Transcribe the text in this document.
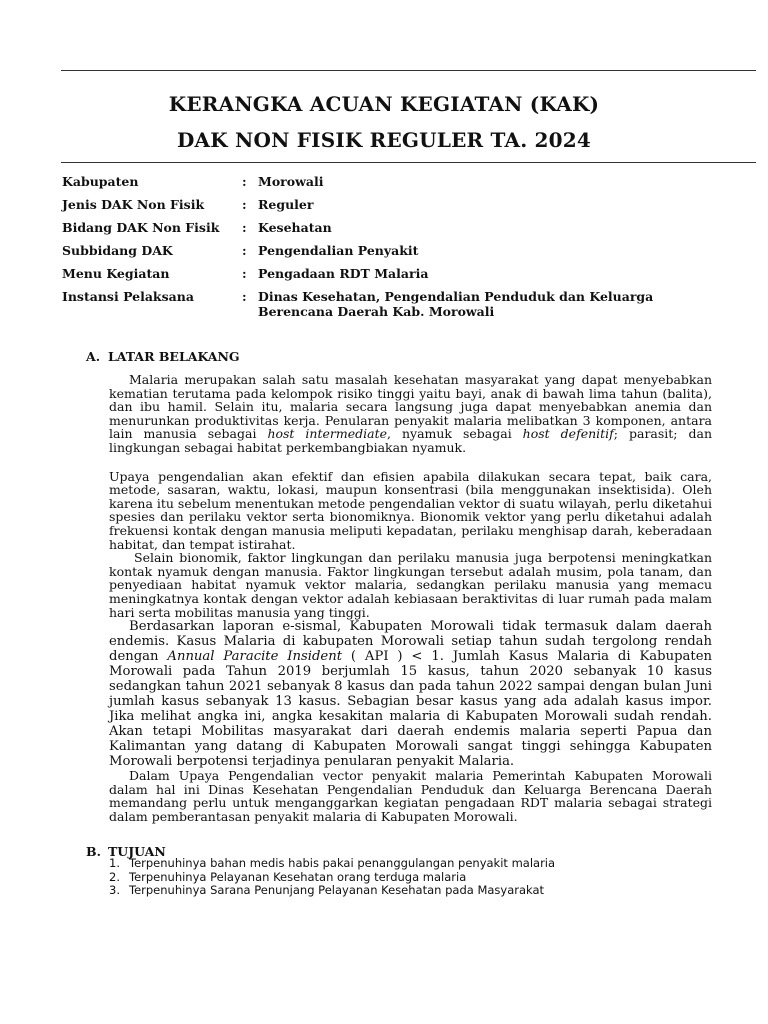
KERANGKA ACUAN KEGIATAN (KAK)
DAK NON FISIK REGULER TA. 2024
Kabupaten	: Morowali
Jenis DAK Non Fisik	: Reguler
Bidang DAK Non Fisik	: Kesehatan
Subbidang DAK	: Pengendalian Penyakit
Menu Kegiatan	: Pengadaan RDT Malaria
Instansi Pelaksana	: Dinas Kesehatan, Pengendalian Penduduk dan Keluarga
Berencana Daerah Kab. Morowali
A. LATAR BELAKANG

Malaria merupakan salah satu masalah kesehatan masyarakat yang dapat menyebabkan kematian terutama pada kelompok risiko tinggi yaitu bayi, anak di bawah lima tahun (balita), dan ibu hamil. Selain itu, malaria secara langsung juga dapat menyebabkan anemia dan menurunkan produktivitas kerja. Penularan penyakit malaria melibatkan 3 komponen, antara lain manusia sebagai host intermediate, nyamuk sebagai host defenitif; parasit; dan lingkungan sebagai habitat perkembangbiakan nyamuk.

Upaya pengendalian akan efektif dan efisien apabila dilakukan secara tepat, baik cara, metode, sasaran, waktu, lokasi, maupun konsentrasi (bila menggunakan insektisida). Oleh karena itu sebelum menentukan metode pengendalian vektor di suatu wilayah, perlu diketahui spesies dan perilaku vektor serta bionomiknya. Bionomik vektor yang perlu diketahui adalah frekuensi kontak dengan manusia meliputi kepadatan, perilaku menghisap darah, keberadaan habitat, dan tempat istirahat.

Selain bionomik, faktor lingkungan dan perilaku manusia juga berpotensi meningkatkan kontak nyamuk dengan manusia. Faktor lingkungan tersebut adalah musim, pola tanam, dan penyediaan habitat nyamuk vektor malaria, sedangkan perilaku manusia yang memacu meningkatnya kontak dengan vektor adalah kebiasaan beraktivitas di luar rumah pada malam hari serta mobilitas manusia yang tinggi.

Berdasarkan laporan e-sismal, Kabupaten Morowali tidak termasuk dalam daerah endemis. Kasus Malaria di kabupaten Morowali setiap tahun sudah tergolong rendah dengan Annual Paracite Insident ( API ) < 1. Jumlah Kasus Malaria di Kabupaten Morowali pada Tahun 2019 berjumlah 15 kasus, tahun 2020 sebanyak 10 kasus sedangkan tahun 2021 sebanyak 8 kasus dan pada tahun 2022 sampai dengan bulan Juni jumlah kasus sebanyak 13 kasus. Sebagian besar kasus yang ada adalah kasus impor. Jika melihat angka ini, angka kesakitan malaria di Kabupaten Morowali sudah rendah. Akan tetapi Mobilitas masyarakat dari daerah endemis malaria seperti Papua dan Kalimantan yang datang di Kabupaten Morowali sangat tinggi sehingga Kabupaten Morowali berpotensi terjadinya penularan penyakit Malaria.

Dalam Upaya Pengendalian vector penyakit malaria Pemerintah Kabupaten Morowali dalam hal ini Dinas Kesehatan Pengendalian Penduduk dan Keluarga Berencana Daerah memandang perlu untuk menganggarkan kegiatan pengadaan RDT malaria sebagai strategi dalam pemberantasan penyakit malaria di Kabupaten Morowali.

B. TUJUAN
1. Terpenuhinya bahan medis habis pakai penanggulangan penyakit malaria
2. Terpenuhinya Pelayanan Kesehatan orang terduga malaria
3. Terpenuhinya Sarana Penunjang Pelayanan Kesehatan pada Masyarakat
